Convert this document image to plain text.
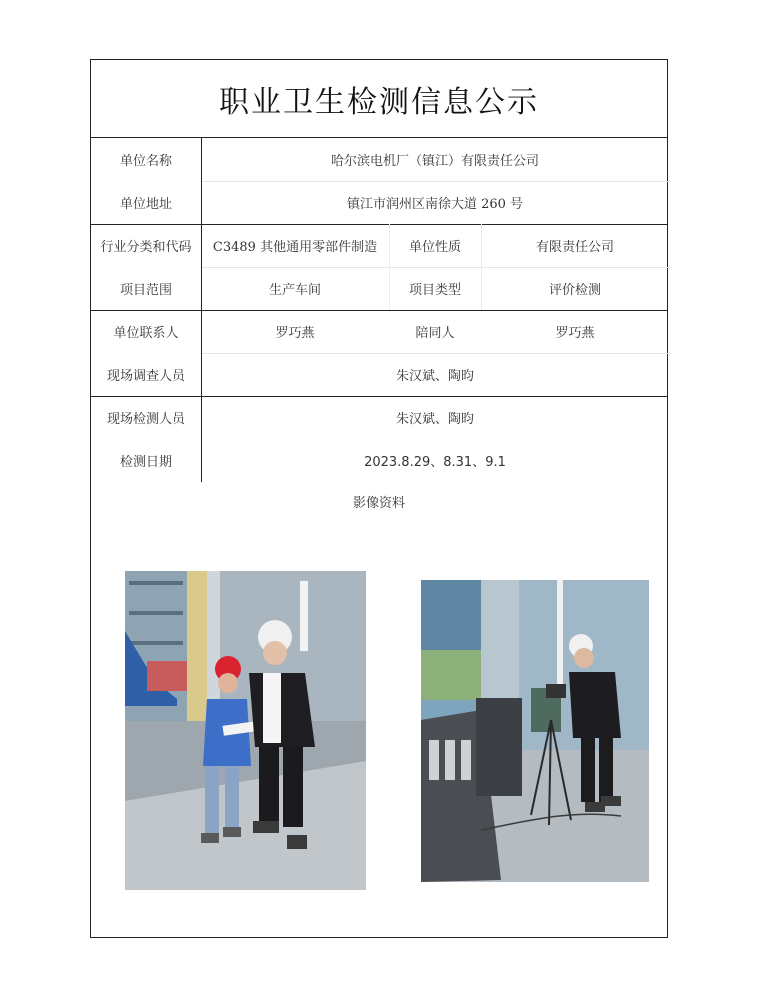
职业卫生检测信息公示
单位名称	哈尔滨电机厂（镇江）有限责任公司
单位地址	镇江市润州区南徐大道 260 号
行业分类和代码	C3489 其他通用零部件制造	单位性质	有限责任公司
项目范围	生产车间	项目类型	评价检测
单位联系人	罗巧燕	陪同人	罗巧燕
现场调查人员	朱汉斌、陶昀
现场检测人员	朱汉斌、陶昀
检测日期	2023.8.29、8.31、9.1
影像资料
